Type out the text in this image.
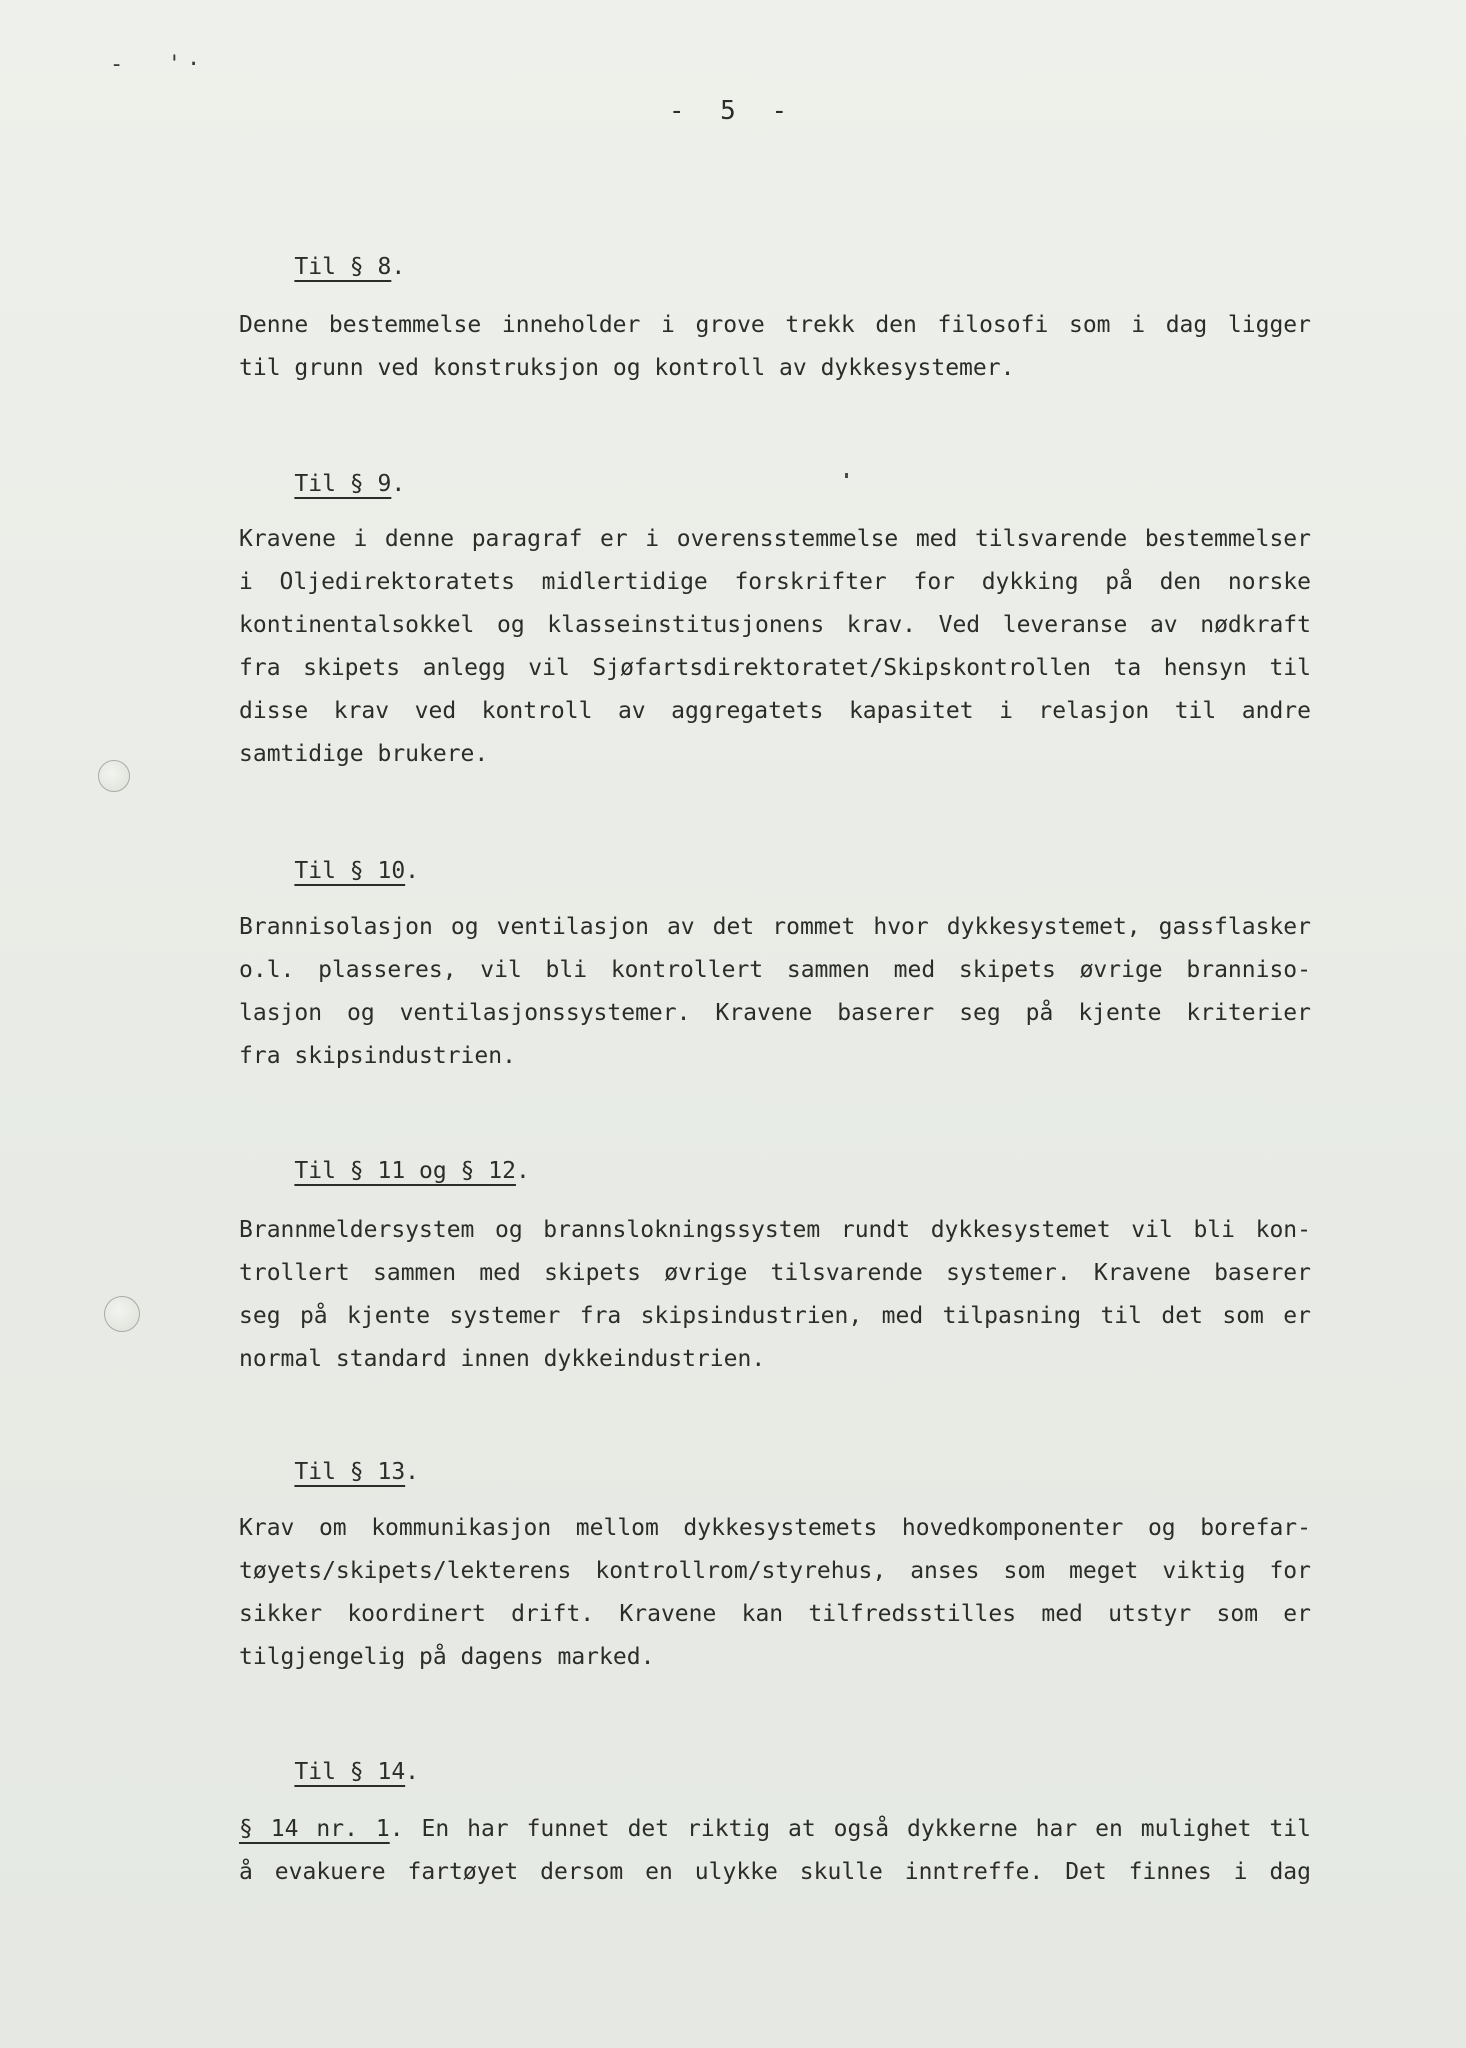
-  '·
- 5 -

Til § 8.

Denne bestemmelse inneholder i grove trekk den filosofi som i dag ligger
til grunn ved konstruksjon og kontroll av dykkesystemer.

Til § 9.

Kravene i denne paragraf er i overensstemmelse med tilsvarende bestemmelser
i Oljedirektoratets midlertidige forskrifter for dykking på den norske
kontinentalsokkel og klasseinstitusjonens krav. Ved leveranse av nødkraft
fra skipets anlegg vil Sjøfartsdirektoratet/Skipskontrollen ta hensyn til
disse krav ved kontroll av aggregatets kapasitet i relasjon til andre
samtidige brukere.

Til § 10.

Brannisolasjon og ventilasjon av det rommet hvor dykkesystemet, gassflasker
o.l. plasseres, vil bli kontrollert sammen med skipets øvrige branniso-
lasjon og ventilasjonssystemer. Kravene baserer seg på kjente kriterier
fra skipsindustrien.

Til § 11 og § 12.

Brannmeldersystem og brannslokningssystem rundt dykkesystemet vil bli kon-
trollert sammen med skipets øvrige tilsvarende systemer. Kravene baserer
seg på kjente systemer fra skipsindustrien, med tilpasning til det som er
normal standard innen dykkeindustrien.

Til § 13.

Krav om kommunikasjon mellom dykkesystemets hovedkomponenter og borefar-
tøyets/skipets/lekterens kontrollrom/styrehus, anses som meget viktig for
sikker koordinert drift. Kravene kan tilfredsstilles med utstyr som er
tilgjengelig på dagens marked.

Til § 14.

§ 14 nr. 1. En har funnet det riktig at også dykkerne har en mulighet til
å evakuere fartøyet dersom en ulykke skulle inntreffe. Det finnes i dag
